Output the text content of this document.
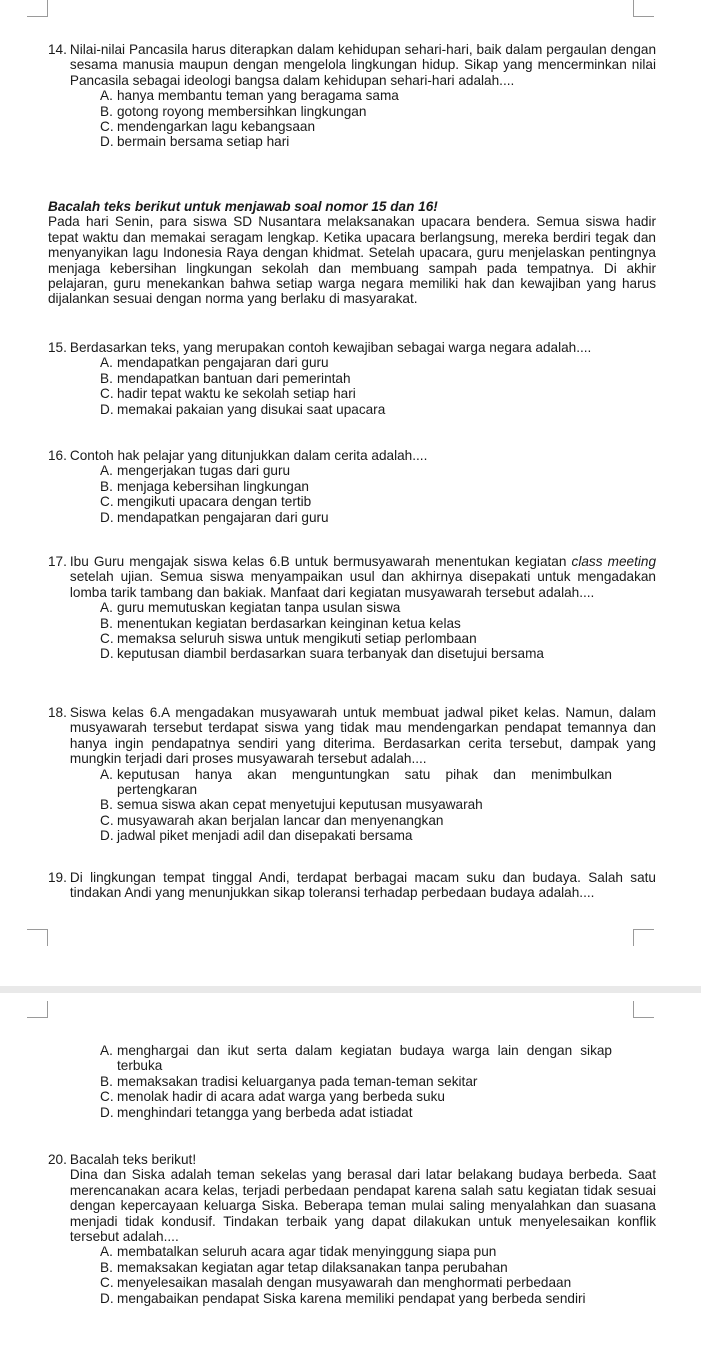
14. Nilai-nilai Pancasila harus diterapkan dalam kehidupan sehari-hari, baik dalam pergaulan dengan sesama manusia maupun dengan mengelola lingkungan hidup. Sikap yang mencerminkan nilai Pancasila sebagai ideologi bangsa dalam kehidupan sehari-hari adalah....
A. hanya membantu teman yang beragama sama
B. gotong royong membersihkan lingkungan
C. mendengarkan lagu kebangsaan
D. bermain bersama setiap hari
Bacalah teks berikut untuk menjawab soal nomor 15 dan 16!
Pada hari Senin, para siswa SD Nusantara melaksanakan upacara bendera. Semua siswa hadir tepat waktu dan memakai seragam lengkap. Ketika upacara berlangsung, mereka berdiri tegak dan menyanyikan lagu Indonesia Raya dengan khidmat. Setelah upacara, guru menjelaskan pentingnya menjaga kebersihan lingkungan sekolah dan membuang sampah pada tempatnya. Di akhir pelajaran, guru menekankan bahwa setiap warga negara memiliki hak dan kewajiban yang harus dijalankan sesuai dengan norma yang berlaku di masyarakat.
15. Berdasarkan teks, yang merupakan contoh kewajiban sebagai warga negara adalah....
A. mendapatkan pengajaran dari guru
B. mendapatkan bantuan dari pemerintah
C. hadir tepat waktu ke sekolah setiap hari
D. memakai pakaian yang disukai saat upacara
16. Contoh hak pelajar yang ditunjukkan dalam cerita adalah....
A. mengerjakan tugas dari guru
B. menjaga kebersihan lingkungan
C. mengikuti upacara dengan tertib
D. mendapatkan pengajaran dari guru
17. Ibu Guru mengajak siswa kelas 6.B untuk bermusyawarah menentukan kegiatan class meeting setelah ujian. Semua siswa menyampaikan usul dan akhirnya disepakati untuk mengadakan lomba tarik tambang dan bakiak. Manfaat dari kegiatan musyawarah tersebut adalah....
A. guru memutuskan kegiatan tanpa usulan siswa
B. menentukan kegiatan berdasarkan keinginan ketua kelas
C. memaksa seluruh siswa untuk mengikuti setiap perlombaan
D. keputusan diambil berdasarkan suara terbanyak dan disetujui bersama
18. Siswa kelas 6.A mengadakan musyawarah untuk membuat jadwal piket kelas. Namun, dalam musyawarah tersebut terdapat siswa yang tidak mau mendengarkan pendapat temannya dan hanya ingin pendapatnya sendiri yang diterima. Berdasarkan cerita tersebut, dampak yang mungkin terjadi dari proses musyawarah tersebut adalah....
A. keputusan hanya akan menguntungkan satu pihak dan menimbulkan pertengkaran
B. semua siswa akan cepat menyetujui keputusan musyawarah
C. musyawarah akan berjalan lancar dan menyenangkan
D. jadwal piket menjadi adil dan disepakati bersama
19. Di lingkungan tempat tinggal Andi, terdapat berbagai macam suku dan budaya. Salah satu tindakan Andi yang menunjukkan sikap toleransi terhadap perbedaan budaya adalah....
A. menghargai dan ikut serta dalam kegiatan budaya warga lain dengan sikap terbuka
B. memaksakan tradisi keluarganya pada teman-teman sekitar
C. menolak hadir di acara adat warga yang berbeda suku
D. menghindari tetangga yang berbeda adat istiadat
20. Bacalah teks berikut!
Dina dan Siska adalah teman sekelas yang berasal dari latar belakang budaya berbeda. Saat merencanakan acara kelas, terjadi perbedaan pendapat karena salah satu kegiatan tidak sesuai dengan kepercayaan keluarga Siska. Beberapa teman mulai saling menyalahkan dan suasana menjadi tidak kondusif. Tindakan terbaik yang dapat dilakukan untuk menyelesaikan konflik tersebut adalah....
A. membatalkan seluruh acara agar tidak menyinggung siapa pun
B. memaksakan kegiatan agar tetap dilaksanakan tanpa perubahan
C. menyelesaikan masalah dengan musyawarah dan menghormati perbedaan
D. mengabaikan pendapat Siska karena memiliki pendapat yang berbeda sendiri
